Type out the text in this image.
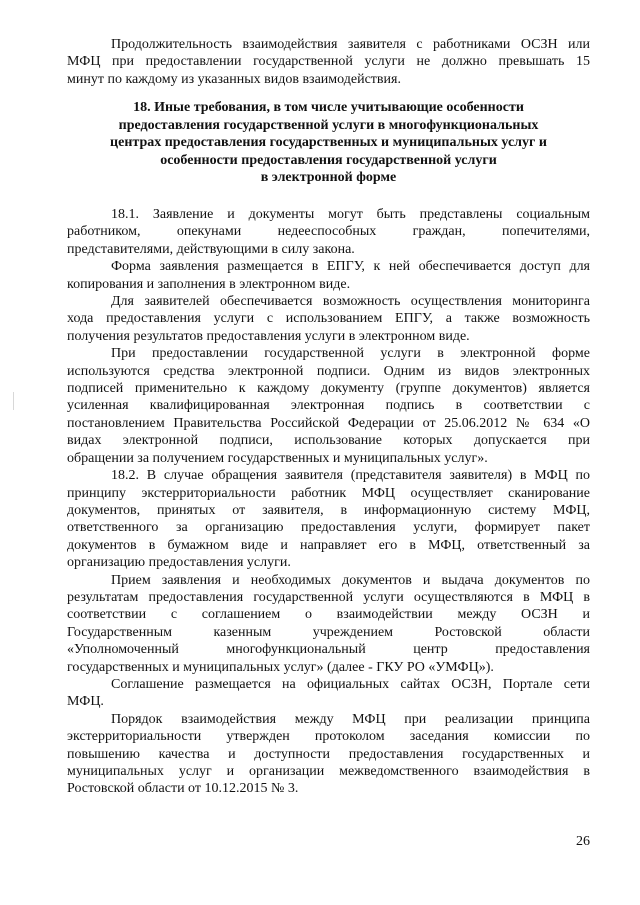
Продолжительность взаимодействия заявителя с работниками ОСЗН или
МФЦ при предоставлении государственной услуги не должно превышать 15
минут по каждому из указанных видов взаимодействия.
18. Иные требования, в том числе учитывающие особенности
предоставления государственной услуги в многофункциональных
центрах предоставления государственных и муниципальных услуг и
особенности предоставления государственной услуги
в электронной форме
18.1. Заявление и документы могут быть представлены социальным
работником, опекунами недееспособных граждан, попечителями,
представителями, действующими в силу закона.
Форма заявления размещается в ЕПГУ, к ней обеспечивается доступ для
копирования и заполнения в электронном виде.
Для заявителей обеспечивается возможность осуществления мониторинга
хода предоставления услуги с использованием ЕПГУ, а также возможность
получения результатов предоставления услуги в электронном виде.
При предоставлении государственной услуги в электронной форме
используются средства электронной подписи. Одним из видов электронных
подписей применительно к каждому документу (группе документов) является
усиленная квалифицированная электронная подпись в соответствии с
постановлением Правительства Российской Федерации от 25.06.2012 № 634 «О
видах электронной подписи, использование которых допускается при
обращении за получением государственных и муниципальных услуг».
18.2. В случае обращения заявителя (представителя заявителя) в МФЦ по
принципу экстерриториальности работник МФЦ осуществляет сканирование
документов, принятых от заявителя, в информационную систему МФЦ,
ответственного за организацию предоставления услуги, формирует пакет
документов в бумажном виде и направляет его в МФЦ, ответственный за
организацию предоставления услуги.
Прием заявления и необходимых документов и выдача документов по
результатам предоставления государственной услуги осуществляются в МФЦ в
соответствии с соглашением о взаимодействии между ОСЗН и
Государственным казенным учреждением Ростовской области
«Уполномоченный многофункциональный центр предоставления
государственных и муниципальных услуг» (далее - ГКУ РО «УМФЦ»).
Соглашение размещается на официальных сайтах ОСЗН, Портале сети
МФЦ.
Порядок взаимодействия между МФЦ при реализации принципа
экстерриториальности утвержден протоколом заседания комиссии по
повышению качества и доступности предоставления государственных и
муниципальных услуг и организации межведомственного взаимодействия в
Ростовской области от 10.12.2015 № 3.
26
